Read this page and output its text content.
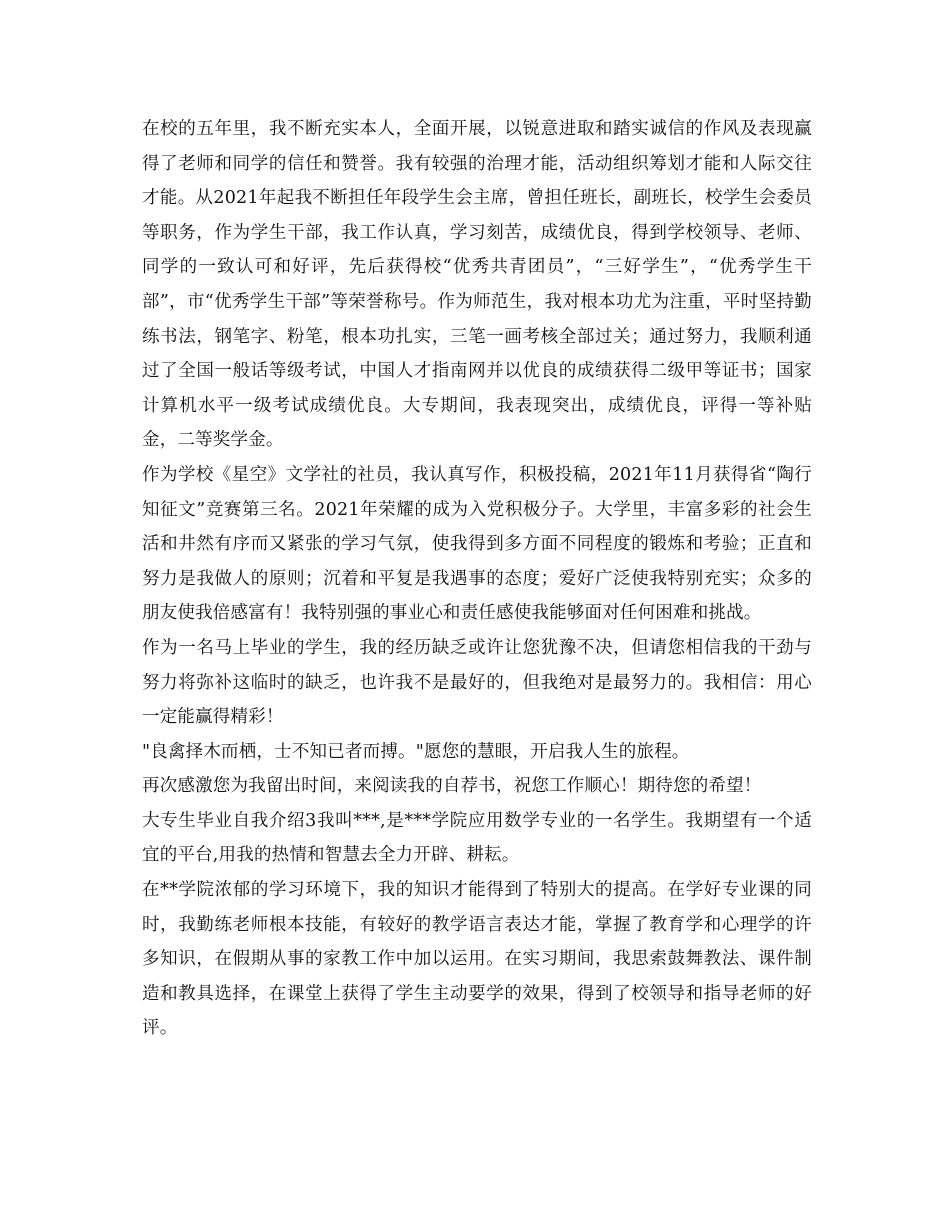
在校的五年里，我不断充实本人，全面开展，以锐意进取和踏实诚信的作风及表现赢得了老师和同学的信任和赞誉。我有较强的治理才能，活动组织筹划才能和人际交往才能。从2021年起我不断担任年段学生会主席，曾担任班长，副班长，校学生会委员等职务，作为学生干部，我工作认真，学习刻苦，成绩优良，得到学校领导、老师、同学的一致认可和好评，先后获得校“优秀共青团员”，“三好学生”，“优秀学生干部”，市“优秀学生干部”等荣誉称号。作为师范生，我对根本功尤为注重，平时坚持勤练书法，钢笔字、粉笔，根本功扎实，三笔一画考核全部过关；通过努力，我顺利通过了全国一般话等级考试，中国人才指南网并以优良的成绩获得二级甲等证书；国家计算机水平一级考试成绩优良。大专期间，我表现突出，成绩优良，评得一等补贴金，二等奖学金。

作为学校《星空》文学社的社员，我认真写作，积极投稿，2021年11月获得省“陶行知征文”竞赛第三名。2021年荣耀的成为入党积极分子。大学里，丰富多彩的社会生活和井然有序而又紧张的学习气氛，使我得到多方面不同程度的锻炼和考验；正直和努力是我做人的原则；沉着和平复是我遇事的态度；爱好广泛使我特别充实；众多的朋友使我倍感富有！我特别强的事业心和责任感使我能够面对任何困难和挑战。

作为一名马上毕业的学生，我的经历缺乏或许让您犹豫不决，但请您相信我的干劲与努力将弥补这临时的缺乏，也许我不是最好的，但我绝对是最努力的。我相信：用心一定能赢得精彩！

"良禽择木而栖，士不知已者而搏。"愿您的慧眼，开启我人生的旅程。

再次感激您为我留出时间，来阅读我的自荐书，祝您工作顺心！期待您的希望！

大专生毕业自我介绍3我叫***,是***学院应用数学专业的一名学生。我期望有一个适宜的平台,用我的热情和智慧去全力开辟、耕耘。

在**学院浓郁的学习环境下，我的知识才能得到了特别大的提高。在学好专业课的同时，我勤练老师根本技能，有较好的教学语言表达才能，掌握了教育学和心理学的许多知识，在假期从事的家教工作中加以运用。在实习期间，我思索鼓舞教法、课件制造和教具选择，在课堂上获得了学生主动要学的效果，得到了校领导和指导老师的好评。
